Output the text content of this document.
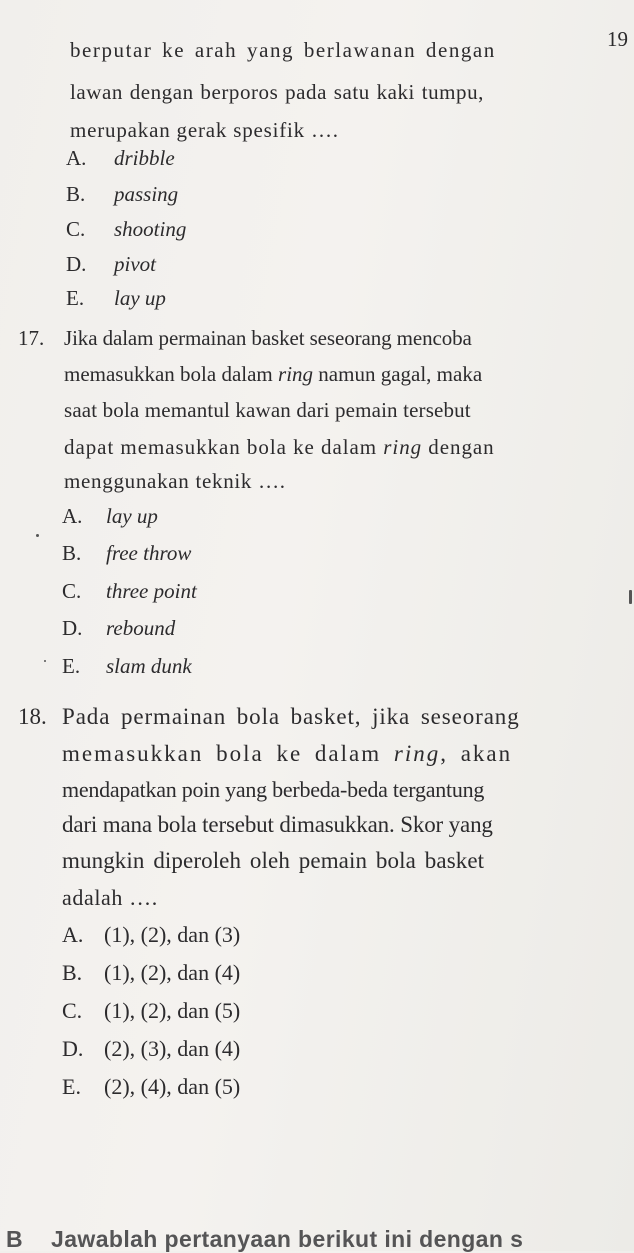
19
berputar ke arah yang berlawanan dengan
lawan dengan berporos pada satu kaki tumpu,
merupakan gerak spesifik ….
A. dribble
B. passing
C. shooting
D. pivot
E. lay up
17. Jika dalam permainan basket seseorang mencoba
memasukkan bola dalam ring namun gagal, maka
saat bola memantul kawan dari pemain tersebut
dapat memasukkan bola ke dalam ring dengan
menggunakan teknik ….
A. lay up
B. free throw
C. three point
D. rebound
E. slam dunk
18. Pada permainan bola basket, jika seseorang
memasukkan bola ke dalam ring, akan
mendapatkan poin yang berbeda-beda tergantung
dari mana bola tersebut dimasukkan. Skor yang
mungkin diperoleh oleh pemain bola basket
adalah ….
A. (1), (2), dan (3)
B. (1), (2), dan (4)
C. (1), (2), dan (5)
D. (2), (3), dan (4)
E. (2), (4), dan (5)
B Jawablah pertanyaan berikut ini dengan s
